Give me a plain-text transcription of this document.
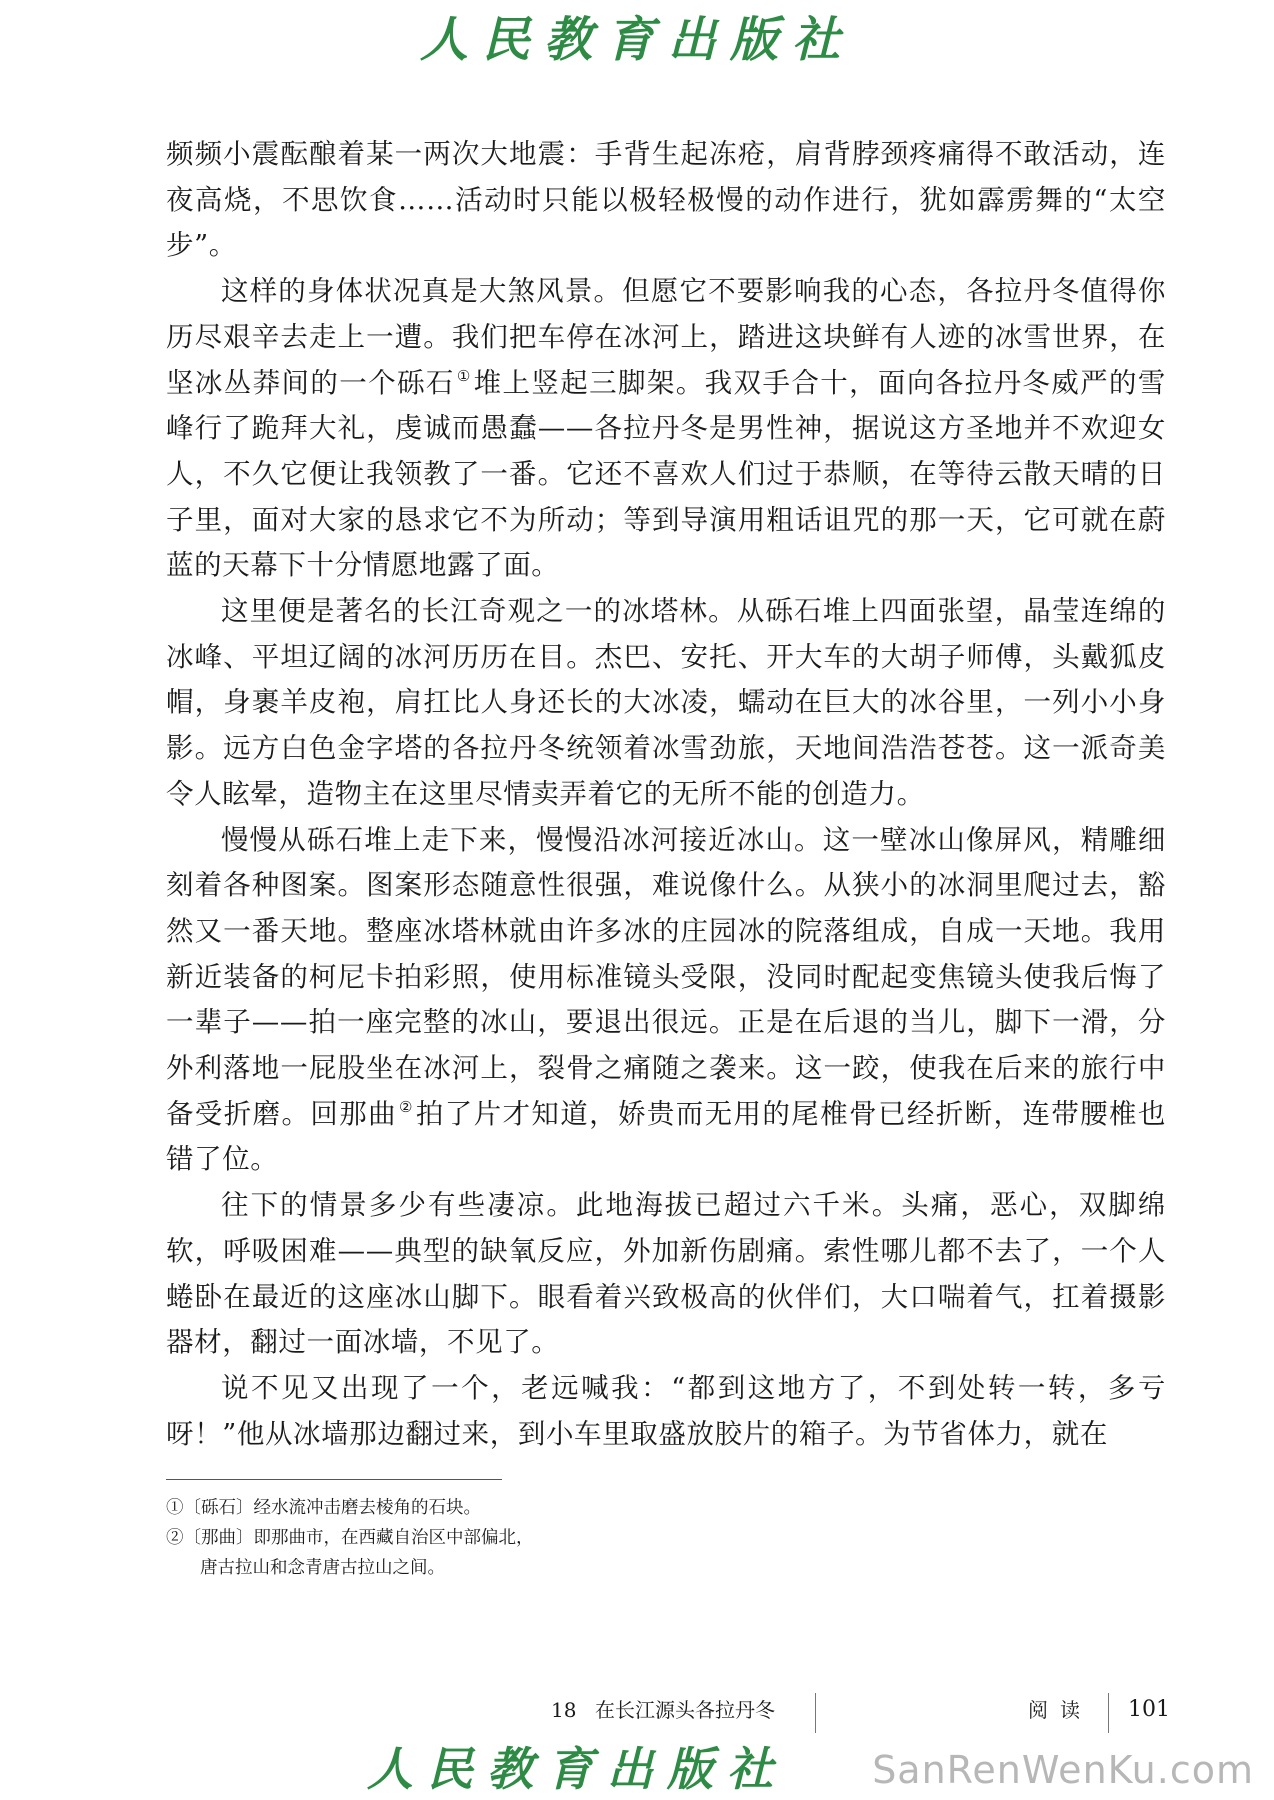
人民教育出版社

频频小震酝酿着某一两次大地震：手背生起冻疮，肩背脖颈疼痛得不敢活动，连夜高烧，不思饮食……活动时只能以极轻极慢的动作进行，犹如霹雳舞的“太空步”。

这样的身体状况真是大煞风景。但愿它不要影响我的心态，各拉丹冬值得你历尽艰辛去走上一遭。我们把车停在冰河上，踏进这块鲜有人迹的冰雪世界，在坚冰丛莽间的一个砾石 ①堆上竖起三脚架。我双手合十，面向各拉丹冬威严的雪峰行了跪拜大礼，虔诚而愚蠢——各拉丹冬是男性神，据说这方圣地并不欢迎女人，不久它便让我领教了一番。它还不喜欢人们过于恭顺，在等待云散天晴的日子里，面对大家的恳求它不为所动；等到导演用粗话诅咒的那一天，它可就在蔚蓝的天幕下十分情愿地露了面。

这里便是著名的长江奇观之一的冰塔林。从砾石堆上四面张望，晶莹连绵的冰峰、平坦辽阔的冰河历历在目。杰巴、安托、开大车的大胡子师傅，头戴狐皮帽，身裹羊皮袍，肩扛比人身还长的大冰凌，蠕动在巨大的冰谷里，一列小小身影。远方白色金字塔的各拉丹冬统领着冰雪劲旅，天地间浩浩苍苍。这一派奇美令人眩晕，造物主在这里尽情卖弄着它的无所不能的创造力。

慢慢从砾石堆上走下来，慢慢沿冰河接近冰山。这一壁冰山像屏风，精雕细刻着各种图案。图案形态随意性很强，难说像什么。从狭小的冰洞里爬过去，豁然又一番天地。整座冰塔林就由许多冰的庄园冰的院落组成，自成一天地。我用新近装备的柯尼卡拍彩照，使用标准镜头受限，没同时配起变焦镜头使我后悔了一辈子——拍一座完整的冰山，要退出很远。正是在后退的当儿，脚下一滑，分外利落地一屁股坐在冰河上，裂骨之痛随之袭来。这一跤，使我在后来的旅行中备受折磨。回那曲 ②拍了片才知道，娇贵而无用的尾椎骨已经折断，连带腰椎也错了位。

往下的情景多少有些凄凉。此地海拔已超过六千米。头痛，恶心，双脚绵软，呼吸困难——典型的缺氧反应，外加新伤剧痛。索性哪儿都不去了，一个人蜷卧在最近的这座冰山脚下。眼看着兴致极高的伙伴们，大口喘着气，扛着摄影器材，翻过一面冰墙，不见了。

说不见又出现了一个，老远喊我：“都到这地方了，不到处转一转，多亏呀！”他从冰墙那边翻过来，到小车里取盛放胶片的箱子。为节省体力，就在

①〔砾石〕经水流冲击磨去棱角的石块。
②〔那曲〕即那曲市，在西藏自治区中部偏北，
唐古拉山和念青唐古拉山之间。
18 在长江源头各拉丹冬	阅读 101
人民教育出版社	SanRenWenKu.com
